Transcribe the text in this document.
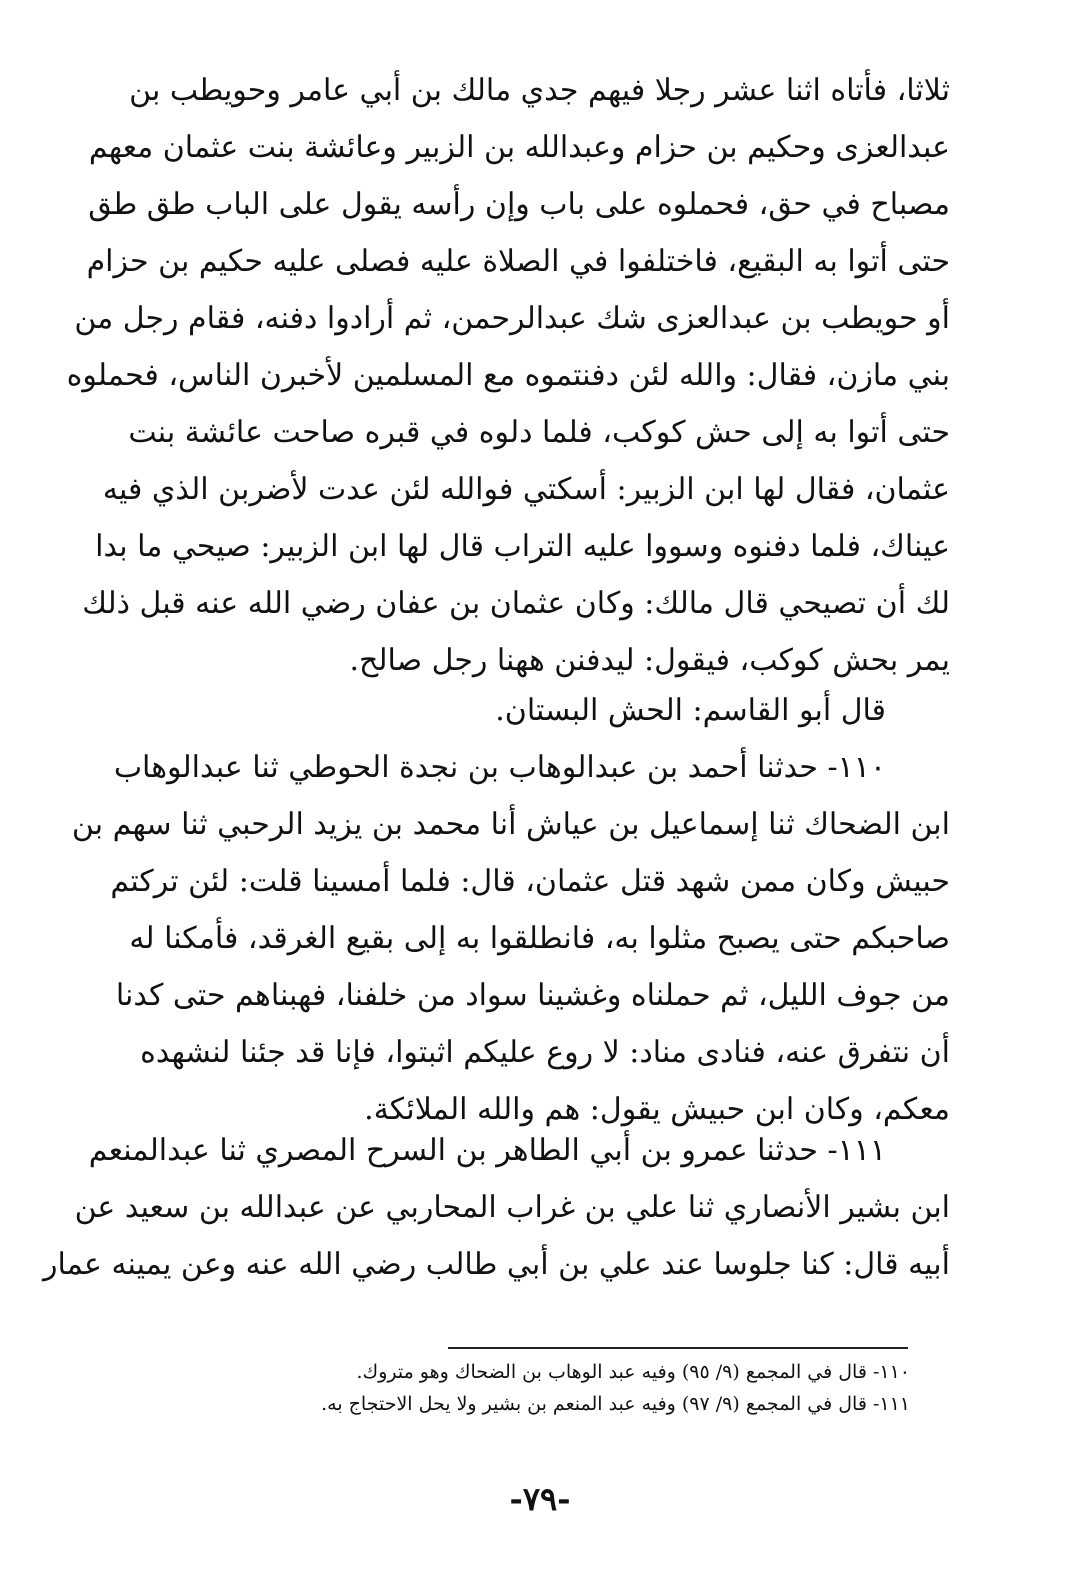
ثلاثا، فأتاه اثنا عشر رجلا فيهم جدي مالك بن أبي عامر وحويطب بن
عبدالعزى وحكيم بن حزام وعبدالله بن الزبير وعائشة بنت عثمان معهم
مصباح في حق، فحملوه على باب وإن رأسه يقول على الباب طق طق
حتى أتوا به البقيع، فاختلفوا في الصلاة عليه فصلى عليه حكيم بن حزام
أو حويطب بن عبدالعزى شك عبدالرحمن، ثم أرادوا دفنه، فقام رجل من
بني مازن، فقال: والله لئن دفنتموه مع المسلمين لأخبرن الناس، فحملوه
حتى أتوا به إلى حش كوكب، فلما دلوه في قبره صاحت عائشة بنت
عثمان، فقال لها ابن الزبير: أسكتي فوالله لئن عدت لأضربن الذي فيه
عيناك، فلما دفنوه وسووا عليه التراب قال لها ابن الزبير: صيحي ما بدا
لك أن تصيحي قال مالك: وكان عثمان بن عفان رضي الله عنه قبل ذلك
يمر بحش كوكب، فيقول: ليدفنن ههنا رجل صالح.
قال أبو القاسم: الحش البستان.
١١٠- حدثنا أحمد بن عبدالوهاب بن نجدة الحوطي ثنا عبدالوهاب
ابن الضحاك ثنا إسماعيل بن عياش أنا محمد بن يزيد الرحبي ثنا سهم بن
حبيش وكان ممن شهد قتل عثمان، قال: فلما أمسينا قلت: لئن تركتم
صاحبكم حتى يصبح مثلوا به، فانطلقوا به إلى بقيع الغرقد، فأمكنا له
من جوف الليل، ثم حملناه وغشينا سواد من خلفنا، فهبناهم حتى كدنا
أن نتفرق عنه، فنادى مناد: لا روع عليكم اثبتوا، فإنا قد جئنا لنشهده
معكم، وكان ابن حبيش يقول: هم والله الملائكة.
١١١- حدثنا عمرو بن أبي الطاهر بن السرح المصري ثنا عبدالمنعم
ابن بشير الأنصاري ثنا علي بن غراب المحاربي عن عبدالله بن سعيد عن
أبيه قال: كنا جلوسا عند علي بن أبي طالب رضي الله عنه وعن يمينه عمار
١١٠- قال في المجمع (٩/ ٩٥) وفيه عبد الوهاب بن الضحاك وهو متروك.
١١١- قال في المجمع (٩/ ٩٧) وفيه عبد المنعم بن بشير ولا يحل الاحتجاج به.
-٧٩-
